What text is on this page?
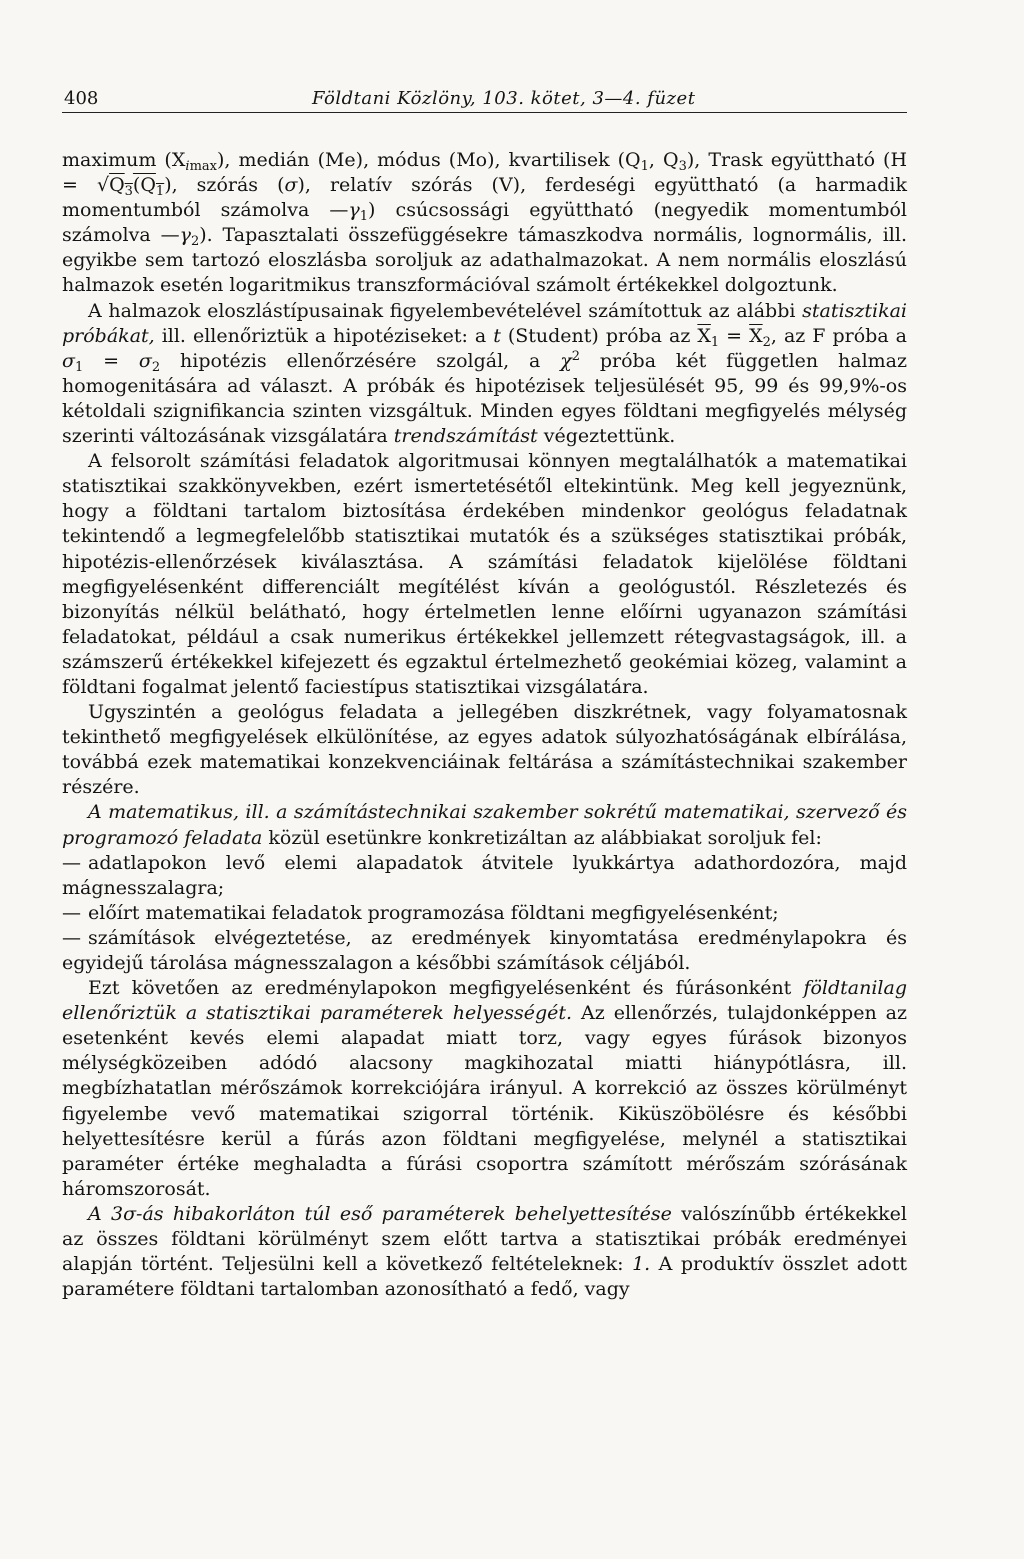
408	Földtani Közlöny, 103. kötet, 3—4. füzet

maximum $(X_{imax})$, medián (Me), módus (Mo), kvartilisek ($Q_1$, $Q_3$), Trask együttható ($H = √Q_3(Q_1)$, szórás (σ), relatív szórás (V), ferdeségi együttható (a harmadik momentumból számolva $—\gamma_1$) csúcsossági együttható (negyedik momentumból számolva $—\gamma_2$). Tapasztalati összefüggésekre támaszkodva normális, lognormális, ill. egyikbe sem tartozó eloszlásba soroljuk az adathalmazokat. A nem normális eloszlású halmazok esetén logaritmikus transzformációval számolt értékekkel dolgoztunk.

A halmazok eloszlástípusainak figyelembevételével számítottuk az alábbi statisztikai próbákat, ill. ellenőriztük a hipotéziseket: a t (Student) próba az $\overline{X}_1 = \overline{X}_2$, az F próba a $\sigma_1 = \sigma_2$ hipotézis ellenőrzésére szolgál, a $\chi^2$ próba két független halmaz homogenitására ad választ. A próbák és hipotézisek teljesülését 95, 99 és 99,9%-os kétoldali szignifikancia szinten vizsgáltuk. Minden egyes földtani megfigyelés mélység szerinti változásának vizsgálatára trendszámítást végeztettünk.

A felsorolt számítási feladatok algoritmusai könnyen megtalálhatók a matematikai statisztikai szakkönyvekben, ezért ismertetésétől eltekintünk. Meg kell jegyeznünk, hogy a földtani tartalom biztosítása érdekében mindenkor geológus feladatnak tekintendő a legmegfelelőbb statisztikai mutatók és a szükséges statisztikai próbák, hipotézis-ellenőrzések kiválasztása. A számítási feladatok kijelölése földtani megfigyelésenként differenciált megítélést kíván a geológustól. Részletezés és bizonyítás nélkül belátható, hogy értelmetlen lenne előírni ugyanazon számítási feladatokat, például a csak numerikus értékekkel jellemzett rétegvastagságok, ill. a számszerű értékekkel kifejezett és egzaktul értelmezhető geokémiai közeg, valamint a földtani fogalmat jelentő faciestípus statisztikai vizsgálatára.

Ugyszintén a geológus feladata a jellegében diszkrétnek, vagy folyamatosnak tekinthető megfigyelések elkülönítése, az egyes adatok súlyozhatóságának elbírálása, továbbá ezek matematikai konzekvenciáinak feltárása a számítástechnikai szakember részére.

A matematikus, ill. a számítástechnikai szakember sokrétű matematikai, szervező és programozó feladata közül esetünkre konkretizáltan az alábbiakat soroljuk fel:

— adatlapokon levő elemi alapadatok átvitele lyukkártya adathordozóra, majd mágnesszalagra;

— előírt matematikai feladatok programozása földtani megfigyelésenként;

— számítások elvégeztetése, az eredmények kinyomtatása eredménylapokra és egyidejű tárolása mágnesszalagon a későbbi számítások céljából.

Ezt követően az eredménylapokon megfigyelésenként és fúrásonként földtanilag ellenőriztük a statisztikai paraméterek helyességét. Az ellenőrzés, tulajdonképpen az esetenként kevés elemi alapadat miatt torz, vagy egyes fúrások bizonyos mélységközeiben adódó alacsony magkihozatal miatti hiánypótlásra, ill. megbízhatatlan mérőszámok korrekciójára irányul. A korrekció az összes körülményt figyelembe vevő matematikai szigorral történik. Kiküszöbölésre és későbbi helyettesítésre kerül a fúrás azon földtani megfigyelése, melynél a statisztikai paraméter értéke meghaladta a fúrási csoportra számított mérőszám szórásának háromszorosát.

A 3σ-ás hibakorláton túl eső paraméterek behelyettesítése valószínűbb értékekkel az összes földtani körülményt szem előtt tartva a statisztikai próbák eredményei alapján történt. Teljesülni kell a következő feltételeknek: 1. A produktív összlet adott paramétere földtani tartalomban azonosítható a fedő, vagy
